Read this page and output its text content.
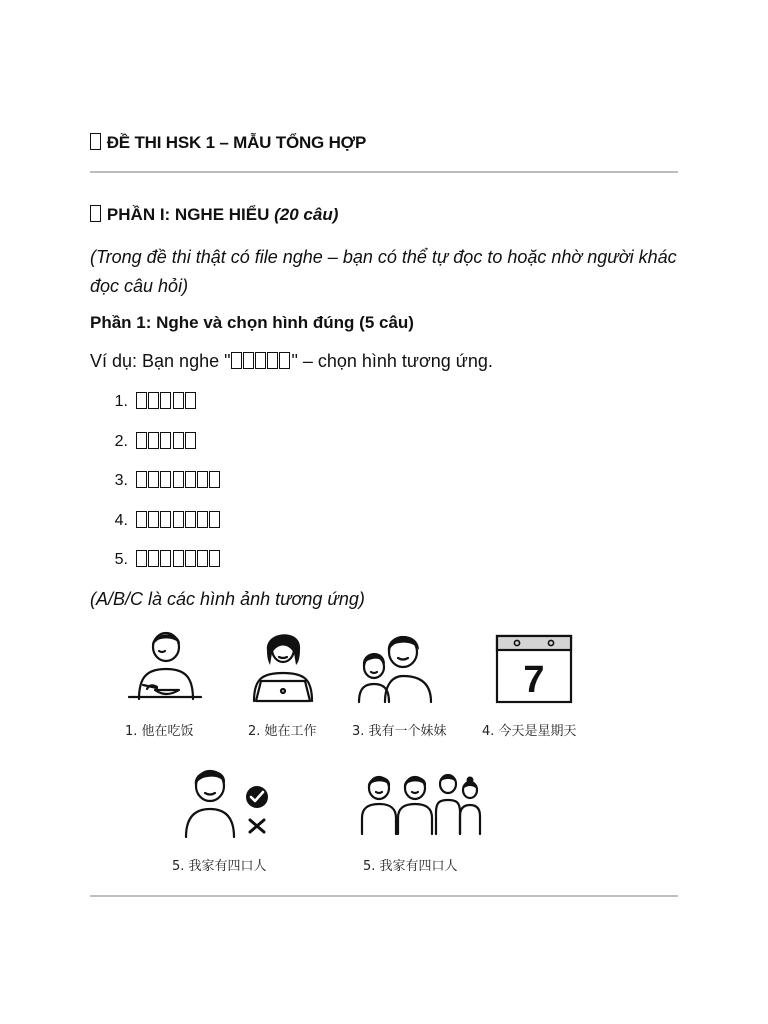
ĐỀ THI HSK 1 – MẪU TỔNG HỢP
PHẦN I: NGHE HIỂU (20 câu)
(Trong đề thi thật có file nghe – bạn có thể tự đọc to hoặc nhờ người khác đọc câu hỏi)
Phần 1: Nghe và chọn hình đúng (5 câu)
Ví dụ: Bạn nghe "	" – chọn hình tương ứng.
1.
2.
3.
4.
5.
(A/B/C là các hình ảnh tương ứng)
1. 他在吃饭	2. 她在工作	3. 我有一个妹妹
7
4. 今天是星期天
5. 我家有四口人	5. 我家有四口人
